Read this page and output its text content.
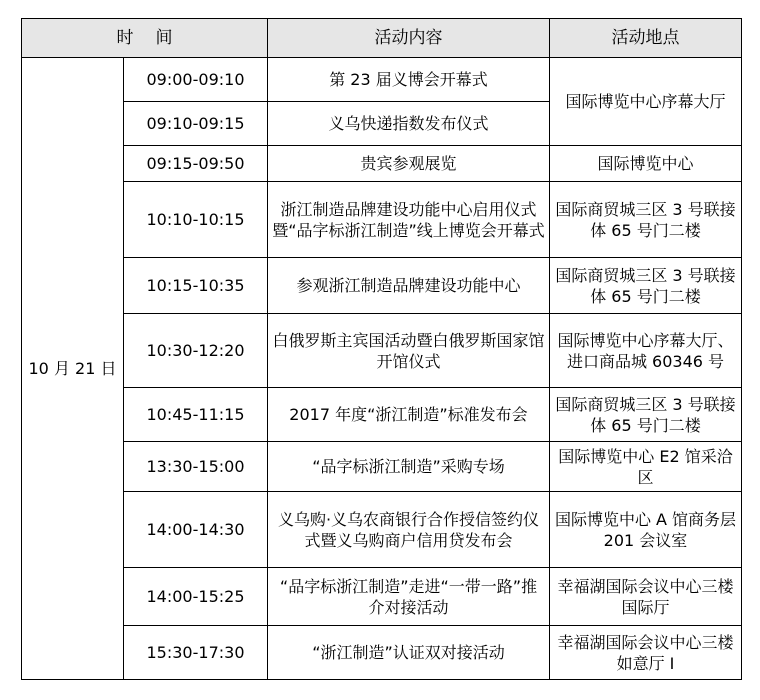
时间		活动内容	活动地点
10 月 21 日	09:00-09:10	第 23 届义博会开幕式	国际博览中心序幕大厅
	09:10-09:15	义乌快递指数发布仪式	
	09:15-09:50	贵宾参观展览	国际博览中心
	10:10-10:15	浙江制造品牌建设功能中心启用仪式暨“品字标浙江制造”线上博览会开幕式	国际商贸城三区 3 号联接体 65 号门二楼
	10:15-10:35	参观浙江制造品牌建设功能中心	国际商贸城三区 3 号联接体 65 号门二楼
	10:30-12:20	白俄罗斯主宾国活动暨白俄罗斯国家馆开馆仪式	国际博览中心序幕大厅、进口商品城 60346 号
	10:45-11:15	2017 年度“浙江制造”标准发布会	国际商贸城三区 3 号联接体 65 号门二楼
	13:30-15:00	“品字标浙江制造”采购专场	国际博览中心 E2 馆采洽区
	14:00-14:30	义乌购·义乌农商银行合作授信签约仪式暨义乌购商户信用贷发布会	国际博览中心 A 馆商务层 201 会议室
	14:00-15:25	“品字标浙江制造”走进“一带一路”推介对接活动	幸福湖国际会议中心三楼国际厅
	15:30-17:30	“浙江制造”认证双对接活动	幸福湖国际会议中心三楼如意厅 I
